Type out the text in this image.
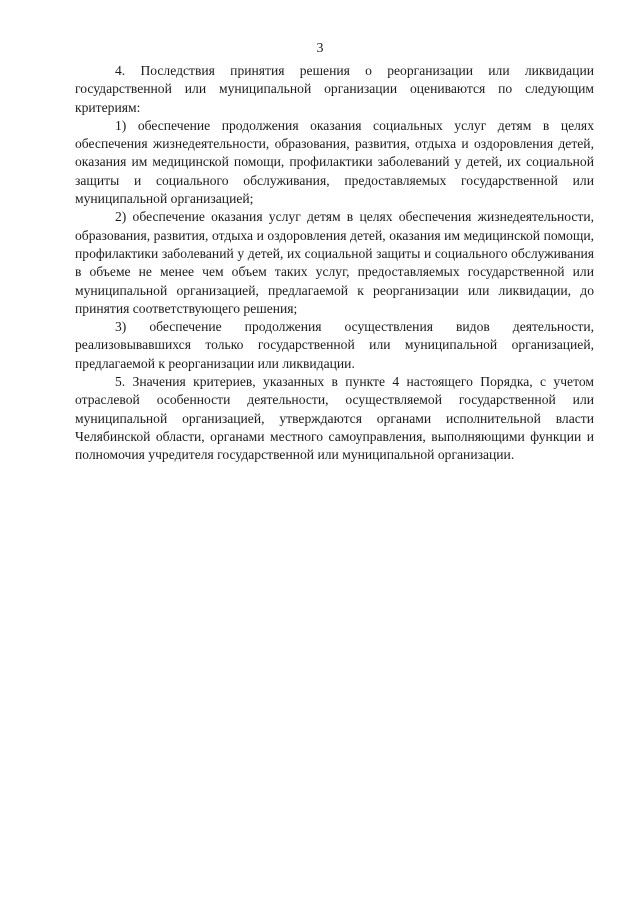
3

4. Последствия принятия решения о реорганизации или ликвидации государственной или муниципальной организации оцениваются по следующим критериям:

1) обеспечение продолжения оказания социальных услуг детям в целях обеспечения жизнедеятельности, образования, развития, отдыха и оздоровления детей, оказания им медицинской помощи, профилактики заболеваний у детей, их социальной защиты и социального обслуживания, предоставляемых государственной или муниципальной организацией;

2) обеспечение оказания услуг детям в целях обеспечения жизнедеятельности, образования, развития, отдыха и оздоровления детей, оказания им медицинской помощи, профилактики заболеваний у детей, их социальной защиты и социального обслуживания в объеме не менее чем объем таких услуг, предоставляемых государственной или муниципальной организацией, предлагаемой к реорганизации или ликвидации, до принятия соответствующего решения;

3) обеспечение продолжения осуществления видов деятельности, реализовывавшихся только государственной или муниципальной организацией, предлагаемой к реорганизации или ликвидации.

5. Значения критериев, указанных в пункте 4 настоящего Порядка, с учетом отраслевой особенности деятельности, осуществляемой государственной или муниципальной организацией, утверждаются органами исполнительной власти Челябинской области, органами местного самоуправления, выполняющими функции и полномочия учредителя государственной или муниципальной организации.
